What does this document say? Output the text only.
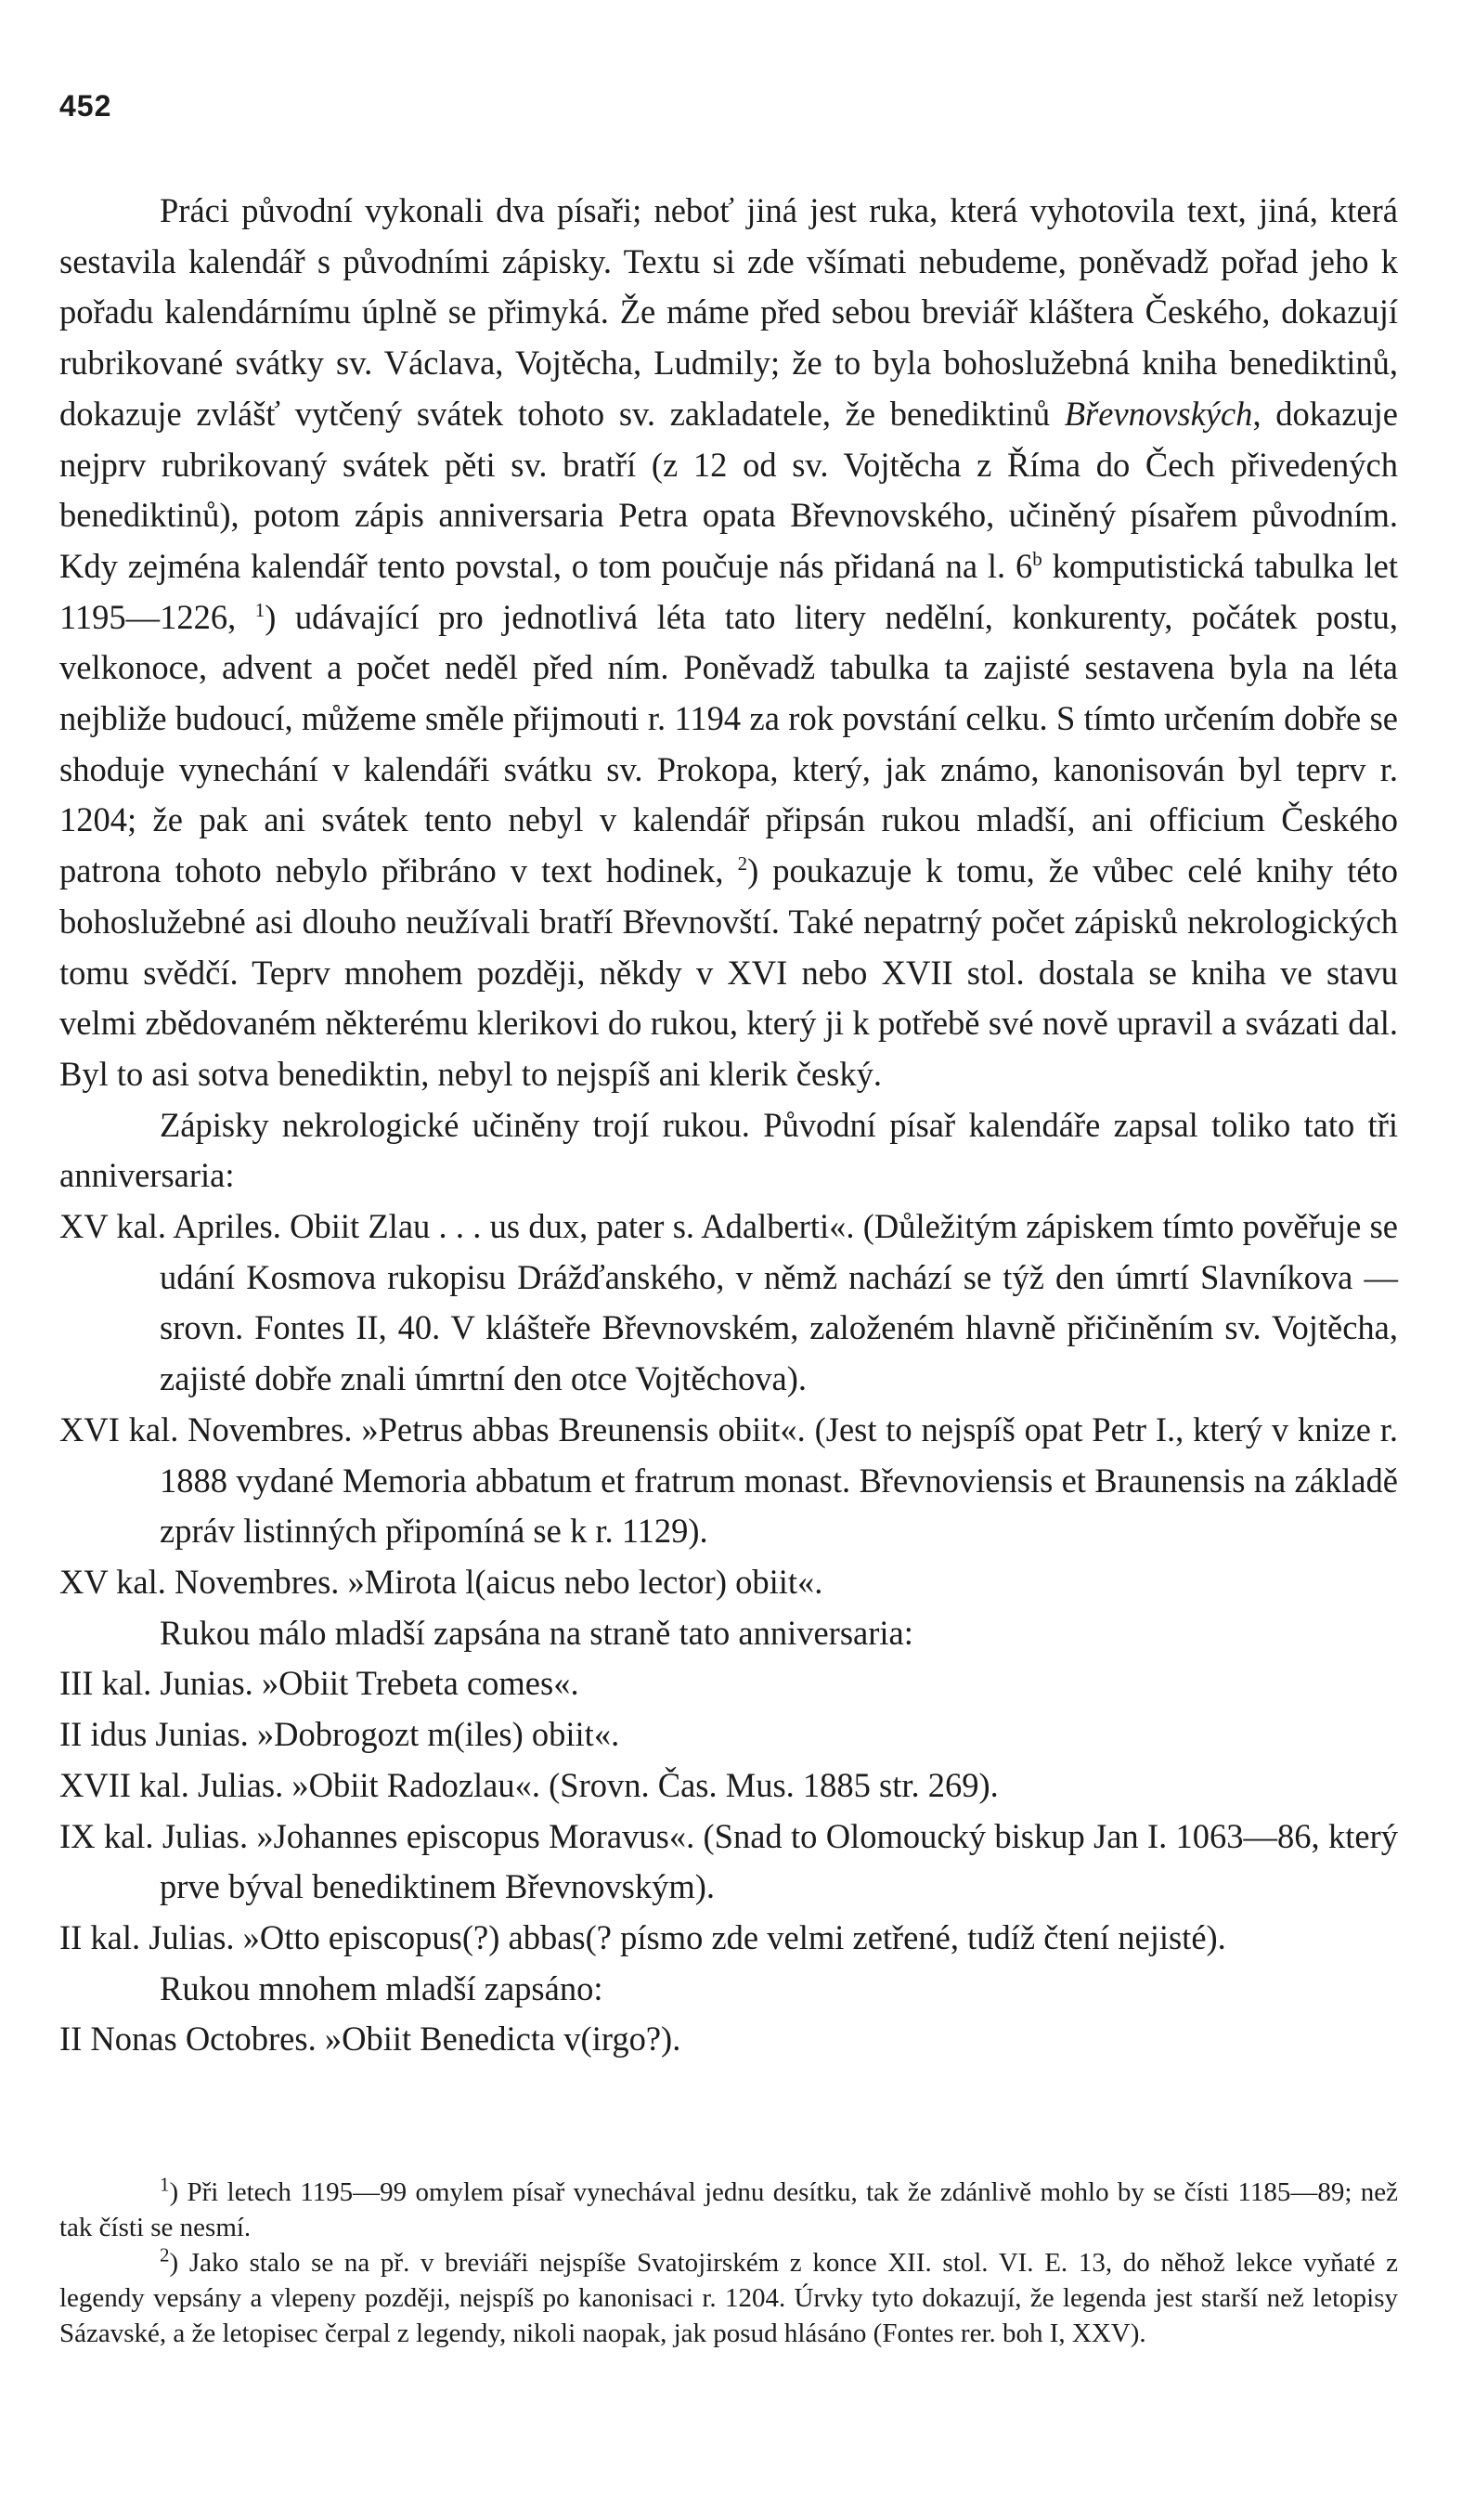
452

Práci původní vykonali dva písaři; neboť jiná jest ruka, která vyhotovila text, jiná, která sestavila kalendář s původními zápisky. Textu si zde všímati nebudeme, poněvadž pořad jeho k pořadu kalendárnímu úplně se přimyká. Že máme před sebou breviář kláštera Českého, dokazují rubrikované svátky sv. Václava, Vojtěcha, Ludmily; že to byla bohoslužebná kniha benediktinů, dokazuje zvlášť vytčený svátek tohoto sv. zakladatele, že benediktinů Břevnovských, dokazuje nejprv rubrikovaný svátek pěti sv. bratří (z 12 od sv. Vojtěcha z Říma do Čech přivedených benediktinů), potom zápis anniversaria Petra opata Břevnovského, učiněný písařem původním. Kdy zejména kalendář tento povstal, o tom poučuje nás přidaná na l. 6$^b$ komputistická tabulka let 1195—1226, $^1$) udávající pro jednotlivá léta tato litery nedělní, konkurenty, počátek postu, velkonoce, advent a počet neděl před ním. Poněvadž tabulka ta zajisté sestavena byla na léta nejbliže budoucí, můžeme směle přijmouti r. 1194 za rok povstání celku. S tímto určením dobře se shoduje vynechání v kalendáři svátku sv. Prokopa, který, jak známo, kanonisován byl teprv r. 1204; že pak ani svátek tento nebyl v kalendář připsán rukou mladší, ani officium Českého patrona tohoto nebylo přibráno v text hodinek, $^2$) poukazuje k tomu, že vůbec celé knihy této bohoslužebné asi dlouho neužívali bratří Břevnovští. Také nepatrný počet zápisků nekrologických tomu svědčí. Teprv mnohem později, někdy v XVI nebo XVII stol. dostala se kniha ve stavu velmi zbědovaném některému klerikovi do rukou, který ji k potřebě své nově upravil a svázati dal. Byl to asi sotva benediktin, nebyl to nejspíš ani klerik český.

Zápisky nekrologické učiněny trojí rukou. Původní písař kalendáře zapsal toliko tato tři anniversaria:

XV kal. Apriles. Obiit Zlau . . . us dux, pater s. Adalberti«. (Důležitým zápiskem tímto pověřuje se udání Kosmova rukopisu Drážďanského, v němž nachází se týž den úmrtí Slavníkova — srovn. Fontes II, 40. V klášteře Břevnovském, založeném hlavně přičiněním sv. Vojtěcha, zajisté dobře znali úmrtní den otce Vojtěchova).

XVI kal. Novembres. »Petrus abbas Breunensis obiit«. (Jest to nejspíš opat Petr I., který v knize r. 1888 vydané Memoria abbatum et fratrum monast. Břevnoviensis et Braunensis na základě zpráv listinných připomíná se k r. 1129).

XV kal. Novembres. »Mirota l(aicus nebo lector) obiit«.

Rukou málo mladší zapsána na straně tato anniversaria:

III kal. Junias. »Obiit Trebeta comes«.

II idus Junias. »Dobrogozt m(iles) obiit«.

XVII kal. Julias. »Obiit Radozlau«. (Srovn. Čas. Mus. 1885 str. 269).

IX kal. Julias. »Johannes episcopus Moravus«. (Snad to Olomoucký biskup Jan I. 1063—86, který prve býval benediktinem Břevnovským).

II kal. Julias. »Otto episcopus(?) abbas(? písmo zde velmi zetřené, tudíž čtení nejisté).

Rukou mnohem mladší zapsáno:

II Nonas Octobres. »Obiit Benedicta v(irgo?).

$^1$) Při letech 1195—99 omylem písař vynechával jednu desítku, tak že zdánlivě mohlo by se čísti 1185—89; než tak čísti se nesmí.

$^2$) Jako stalo se na př. v breviáři nejspíše Svatojirském z konce XII. stol. VI. E. 13, do něhož lekce vyňaté z legendy vepsány a vlepeny později, nejspíš po kanonisaci r. 1204. Úrvky tyto dokazují, že legenda jest starší než letopisy Sázavské, a že letopisec čerpal z legendy, nikoli naopak, jak posud hlásáno (Fontes rer. boh I, XXV).
